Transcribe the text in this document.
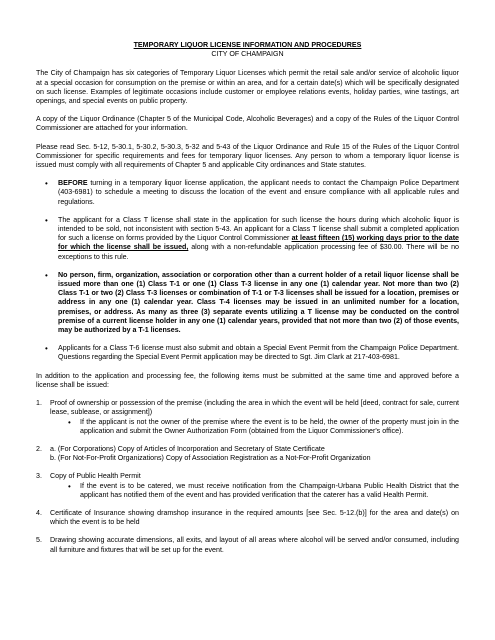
TEMPORARY LIQUOR LICENSE INFORMATION AND PROCEDURES
CITY OF CHAMPAIGN

The City of Champaign has six categories of Temporary Liquor Licenses which permit the retail sale and/or service of alcoholic liquor at a special occasion for consumption on the premise or within an area, and for a certain date(s) which will be specifically designated on such license. Examples of legitimate occasions include customer or employee relations events, holiday parties, wine tastings, art openings, and special events on public property.

A copy of the Liquor Ordinance (Chapter 5 of the Municipal Code, Alcoholic Beverages) and a copy of the Rules of the Liquor Control Commissioner are attached for your information.

Please read Sec. 5-12, 5-30.1, 5-30.2, 5-30.3, 5-32 and 5-43 of the Liquor Ordinance and Rule 15 of the Rules of the Liquor Control Commissioner for specific requirements and fees for temporary liquor licenses. Any person to whom a temporary liquor license is issued must comply with all requirements of Chapter 5 and applicable City ordinances and State statutes.

• BEFORE turning in a temporary liquor license application, the applicant needs to contact the Champaign Police Department (403-6981) to schedule a meeting to discuss the location of the event and ensure compliance with all applicable rules and regulations.

• The applicant for a Class T license shall state in the application for such license the hours during which alcoholic liquor is intended to be sold, not inconsistent with section 5-43. An applicant for a Class T license shall submit a completed application for such a license on forms provided by the Liquor Control Commissioner at least fifteen (15) working days prior to the date for which the license shall be issued, along with a non-refundable application processing fee of $30.00. There will be no exceptions to this rule.

• No person, firm, organization, association or corporation other than a current holder of a retail liquor license shall be issued more than one (1) Class T-1 or one (1) Class T-3 license in any one (1) calendar year. Not more than two (2) Class T-1 or two (2) Class T-3 licenses or combination of T-1 or T-3 licenses shall be issued for a location, premises or address in any one (1) calendar year. Class T-4 licenses may be issued in an unlimited number for a location, premises, or address. As many as three (3) separate events utilizing a T license may be conducted on the control premise of a current license holder in any one (1) calendar years, provided that not more than two (2) of those events, may be authorized by a T-1 licenses.

• Applicants for a Class T-6 license must also submit and obtain a Special Event Permit from the Champaign Police Department. Questions regarding the Special Event Permit application may be directed to Sgt. Jim Clark at 217-403-6981.

In addition to the application and processing fee, the following items must be submitted at the same time and approved before a license shall be issued:

1.	Proof of ownership or possession of the premise (including the area in which the event will be held [deed, contract for sale, current lease, sublease, or assignment])

• If the applicant is not the owner of the premise where the event is to be held, the owner of the property must join in the application and submit the Owner Authorization Form (obtained from the Liquor Commissioner's office).

2.	a. (For Corporations) Copy of Articles of Incorporation and Secretary of State Certificate

b. (For Not-For-Profit Organizations) Copy of Association Registration as a Not-For-Profit Organization

3.	Copy of Public Health Permit

• If the event is to be catered, we must receive notification from the Champaign-Urbana Public Health District that the applicant has notified them of the event and has provided verification that the caterer has a valid Health Permit.

4.	Certificate of Insurance showing dramshop insurance in the required amounts [see Sec. 5-12.(b)] for the area and date(s) on which the event is to be held

5.	Drawing showing accurate dimensions, all exits, and layout of all areas where alcohol will be served and/or consumed, including all furniture and fixtures that will be set up for the event.
